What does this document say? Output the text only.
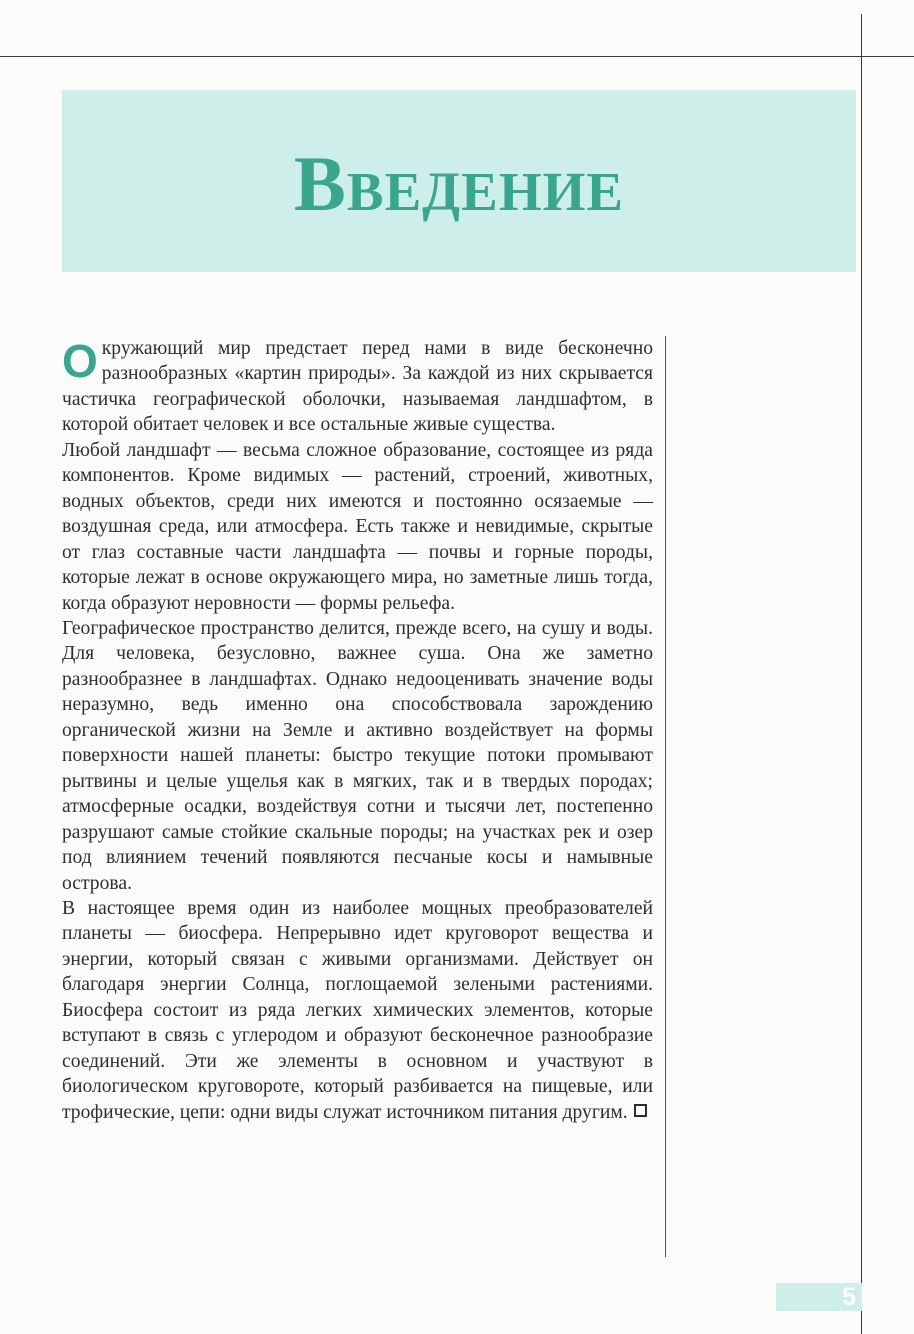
Введение

Окружающий мир предстает перед нами в виде бесконечно разнообразных «картин природы». За каждой из них скрывается частичка географической оболочки, называемая ландшафтом, в которой обитает человек и все остальные живые существа.

Любой ландшафт — весьма сложное образование, состоящее из ряда компонентов. Кроме видимых — растений, строений, животных, водных объектов, среди них имеются и постоянно осязаемые — воздушная среда, или атмосфера. Есть также и невидимые, скрытые от глаз составные части ландшафта — почвы и горные породы, которые лежат в основе окружающего мира, но заметные лишь тогда, когда образуют неровности — формы рельефа.

Географическое пространство делится, прежде всего, на сушу и воды. Для человека, безусловно, важнее суша. Она же заметно разнообразнее в ландшафтах. Однако недооценивать значение воды неразумно, ведь именно она способствовала зарождению органической жизни на Земле и активно воздействует на формы поверхности нашей планеты: быстро текущие потоки промывают рытвины и целые ущелья как в мягких, так и в твердых породах; атмосферные осадки, воздействуя сотни и тысячи лет, постепенно разрушают самые стойкие скальные породы; на участках рек и озер под влиянием течений появляются песчаные косы и намывные острова.

В настоящее время один из наиболее мощных преобразователей планеты — биосфера. Непрерывно идет круговорот вещества и энергии, который связан с живыми организмами. Действует он благодаря энергии Солнца, поглощаемой зелеными растениями. Биосфера состоит из ряда легких химических элементов, которые вступают в связь с углеродом и образуют бесконечное разнообразие соединений. Эти же элементы в основном и участвуют в биологическом круговороте, который разбивается на пищевые, или трофические, цепи: одни виды служат источником питания другим.

5
